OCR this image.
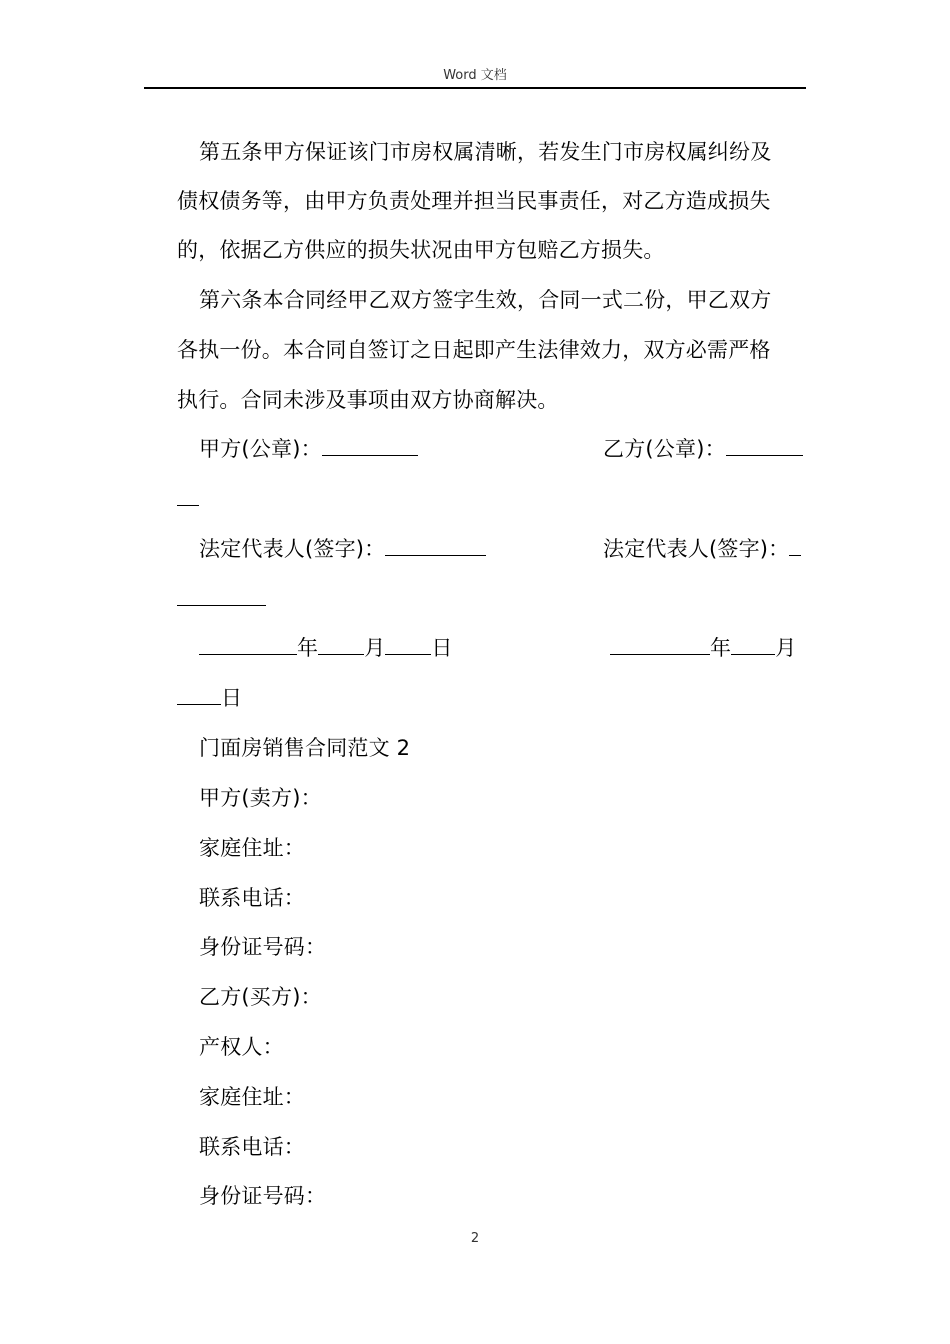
Word 文档
第五条甲方保证该门市房权属清晰，若发生门市房权属纠纷及
债权债务等，由甲方负责处理并担当民事责任，对乙方造成损失
的，依据乙方供应的损失状况由甲方包赔乙方损失。
第六条本合同经甲乙双方签字生效，合同一式二份，甲乙双方
各执一份。本合同自签订之日起即产生法律效力，双方必需严格
执行。合同未涉及事项由双方协商解决。
甲方(公章)：	乙方(公章)：
法定代表人(签字)：	法定代表人(签字)：
年 月 日	年 月
日
门面房销售合同范文 2
甲方(卖方)：
家庭住址：
联系电话：
身份证号码：
乙方(买方)：
产权人：
家庭住址：
联系电话：
身份证号码：
2
